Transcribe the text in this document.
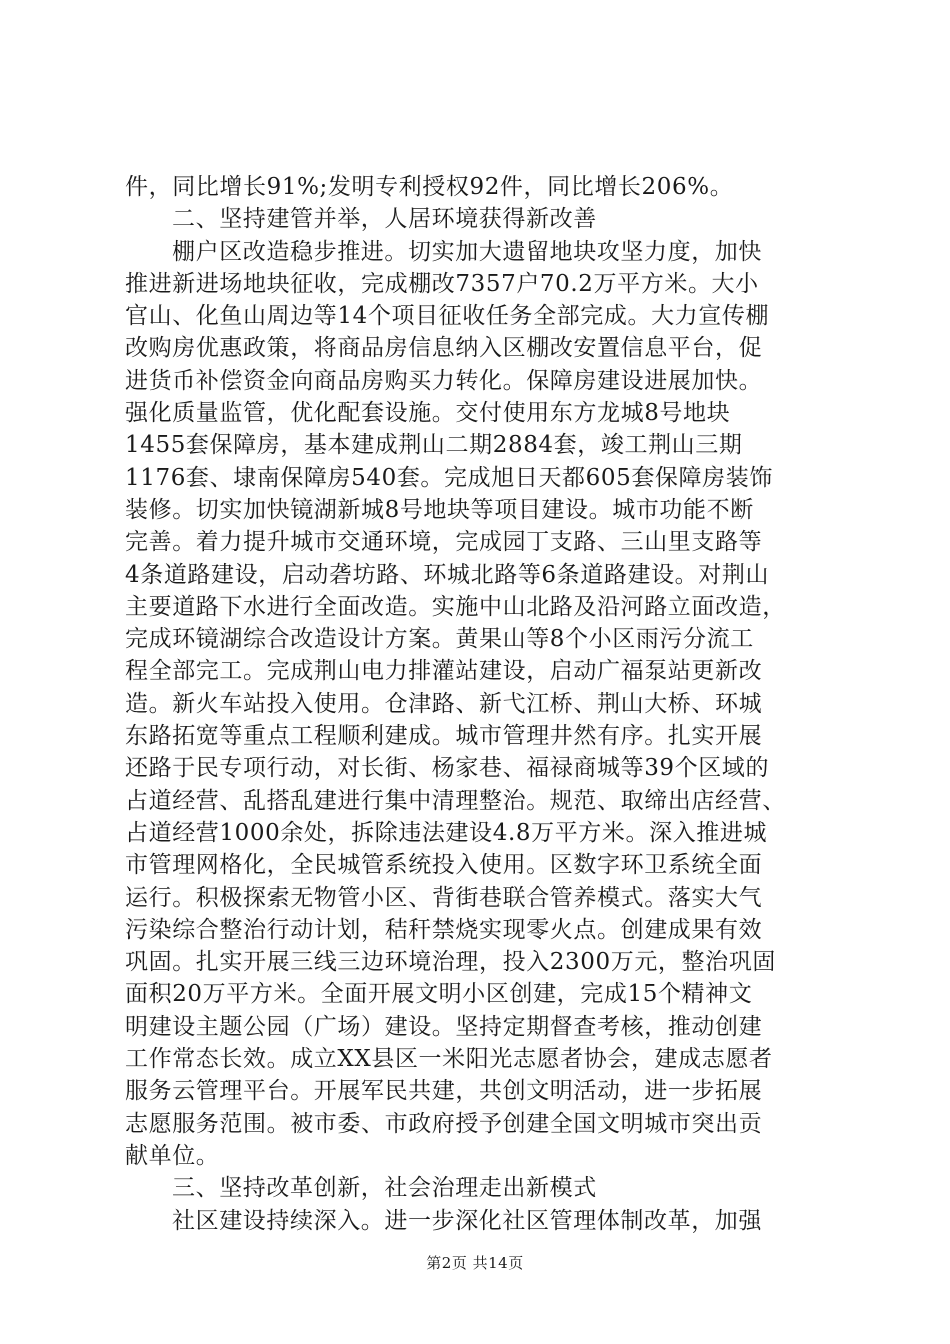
件，同比增长91%;发明专利授权92件，同比增长206%。
二、坚持建管并举，人居环境获得新改善
棚户区改造稳步推进。切实加大遗留地块攻坚力度，加快
推进新进场地块征收，完成棚改7357户70.2万平方米。大小
官山、化鱼山周边等14个项目征收任务全部完成。大力宣传棚
改购房优惠政策，将商品房信息纳入区棚改安置信息平台，促
进货币补偿资金向商品房购买力转化。保障房建设进展加快。
强化质量监管，优化配套设施。交付使用东方龙城8号地块
1455套保障房，基本建成荆山二期2884套，竣工荆山三期
1176套、埭南保障房540套。完成旭日天都605套保障房装饰
装修。切实加快镜湖新城8号地块等项目建设。城市功能不断
完善。着力提升城市交通环境，完成园丁支路、三山里支路等
4条道路建设，启动砻坊路、环城北路等6条道路建设。对荆山
主要道路下水进行全面改造。实施中山北路及沿河路立面改造，
完成环镜湖综合改造设计方案。黄果山等8个小区雨污分流工
程全部完工。完成荆山电力排灌站建设，启动广福泵站更新改
造。新火车站投入使用。仓津路、新弋江桥、荆山大桥、环城
东路拓宽等重点工程顺利建成。城市管理井然有序。扎实开展
还路于民专项行动，对长街、杨家巷、福禄商城等39个区域的
占道经营、乱搭乱建进行集中清理整治。规范、取缔出店经营、
占道经营1000余处，拆除违法建设4.8万平方米。深入推进城
市管理网格化，全民城管系统投入使用。区数字环卫系统全面
运行。积极探索无物管小区、背街巷联合管养模式。落实大气
污染综合整治行动计划，秸秆禁烧实现零火点。创建成果有效
巩固。扎实开展三线三边环境治理，投入2300万元，整治巩固
面积20万平方米。全面开展文明小区创建，完成15个精神文
明建设主题公园（广场）建设。坚持定期督查考核，推动创建
工作常态长效。成立XX县区一米阳光志愿者协会，建成志愿者
服务云管理平台。开展军民共建，共创文明活动，进一步拓展
志愿服务范围。被市委、市政府授予创建全国文明城市突出贡
献单位。
三、坚持改革创新，社会治理走出新模式
社区建设持续深入。进一步深化社区管理体制改革，加强
第2页 共14页
